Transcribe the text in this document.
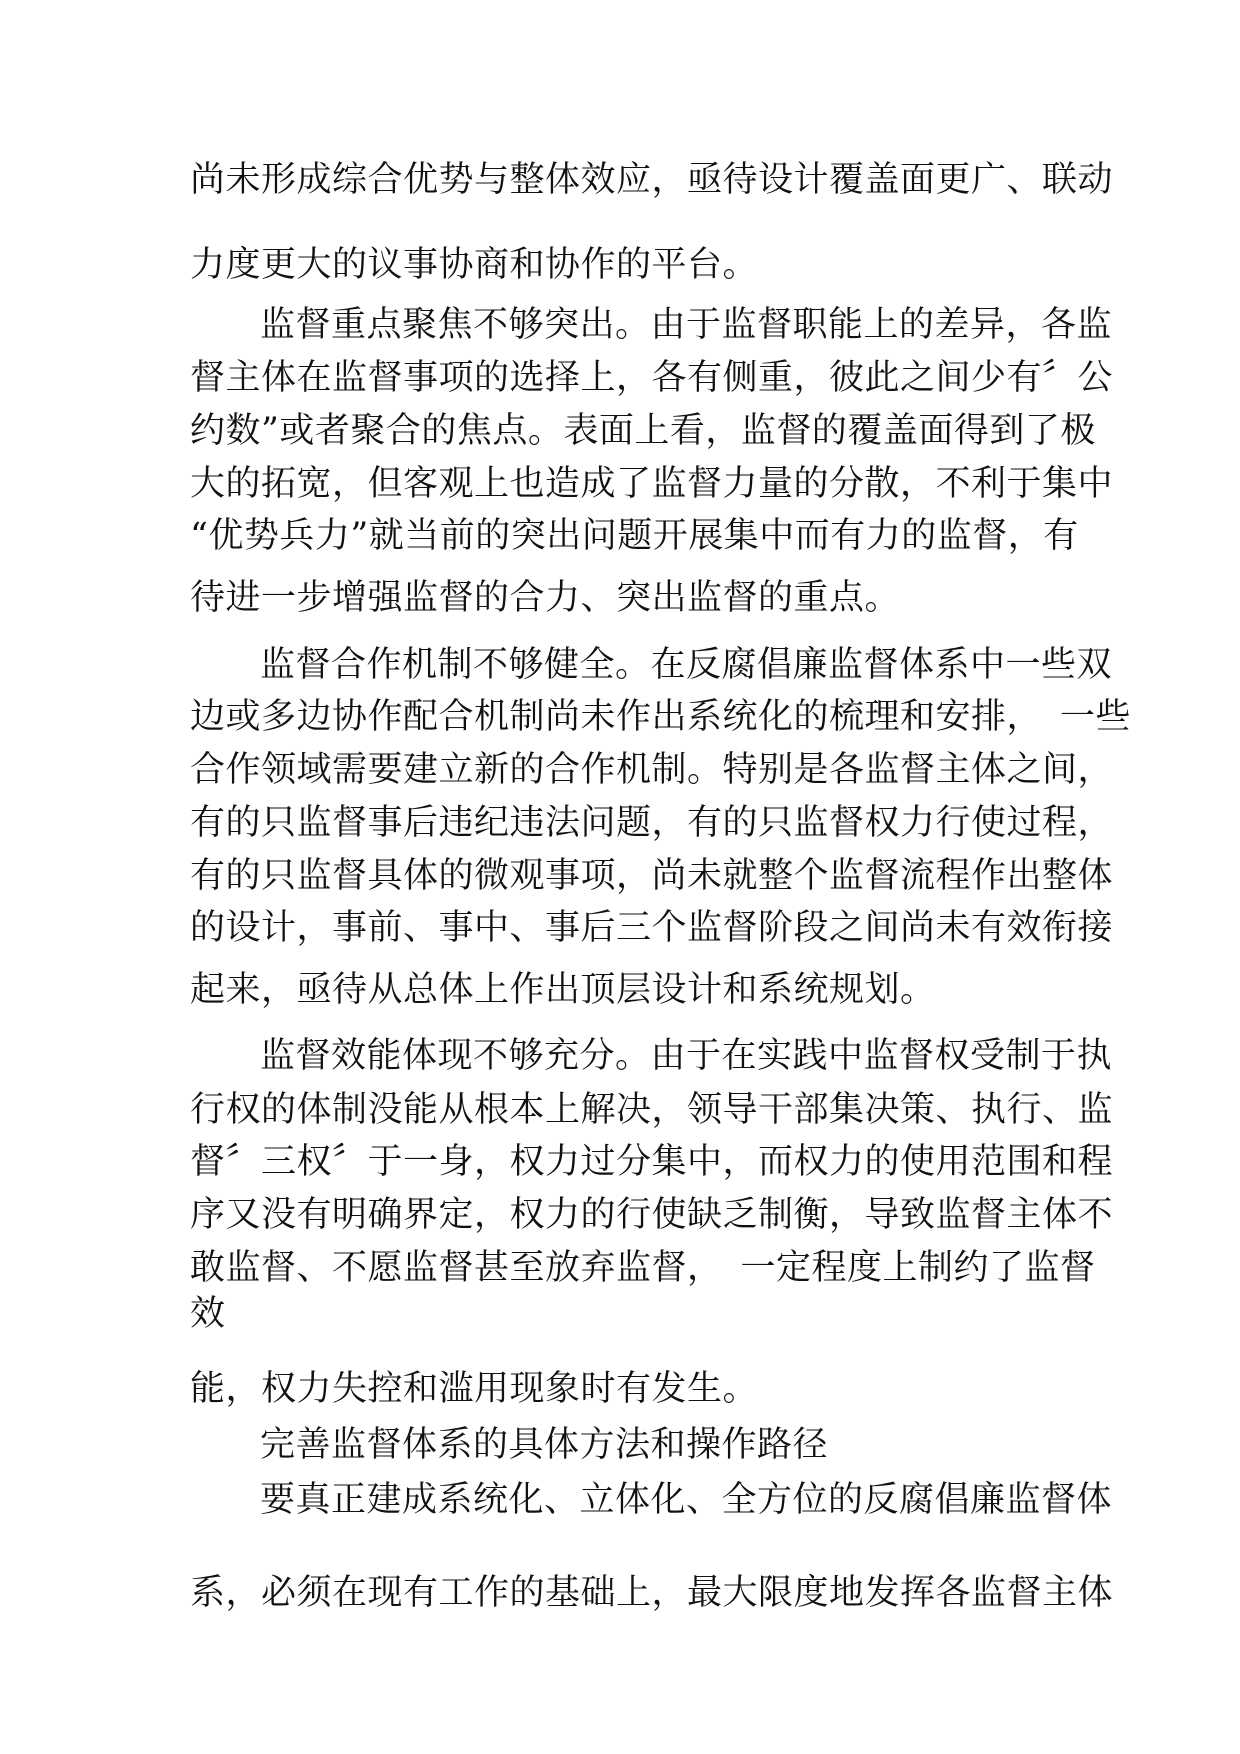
尚未形成综合优势与整体效应，亟待设计覆盖面更广、联动
力度更大的议事协商和协作的平台。
监督重点聚焦不够突出。由于监督职能上的差异，各监
督主体在监督事项的选择上，各有侧重，彼此之间少有〞公
约数”或者聚合的焦点。表面上看，监督的覆盖面得到了极
大的拓宽，但客观上也造成了监督力量的分散，不利于集中
“优势兵力”就当前的突出问题开展集中而有力的监督，有
待进一步增强监督的合力、突出监督的重点。
监督合作机制不够健全。在反腐倡廉监督体系中一些双
边或多边协作配合机制尚未作出系统化的梳理和安排，　一些
合作领域需要建立新的合作机制。特别是各监督主体之间，
有的只监督事后违纪违法问题，有的只监督权力行使过程，
有的只监督具体的微观事项，尚未就整个监督流程作出整体
的设计，事前、事中、事后三个监督阶段之间尚未有效衔接
起来，亟待从总体上作出顶层设计和系统规划。
监督效能体现不够充分。由于在实践中监督权受制于执
行权的体制没能从根本上解决，领导干部集决策、执行、监
督〞三权〞于一身，权力过分集中，而权力的使用范围和程
序又没有明确界定，权力的行使缺乏制衡，导致监督主体不
敢监督、不愿监督甚至放弃监督，　一定程度上制约了监督
效
能，权力失控和滥用现象时有发生。
完善监督体系的具体方法和操作路径
要真正建成系统化、立体化、全方位的反腐倡廉监督体
系，必须在现有工作的基础上，最大限度地发挥各监督主体
